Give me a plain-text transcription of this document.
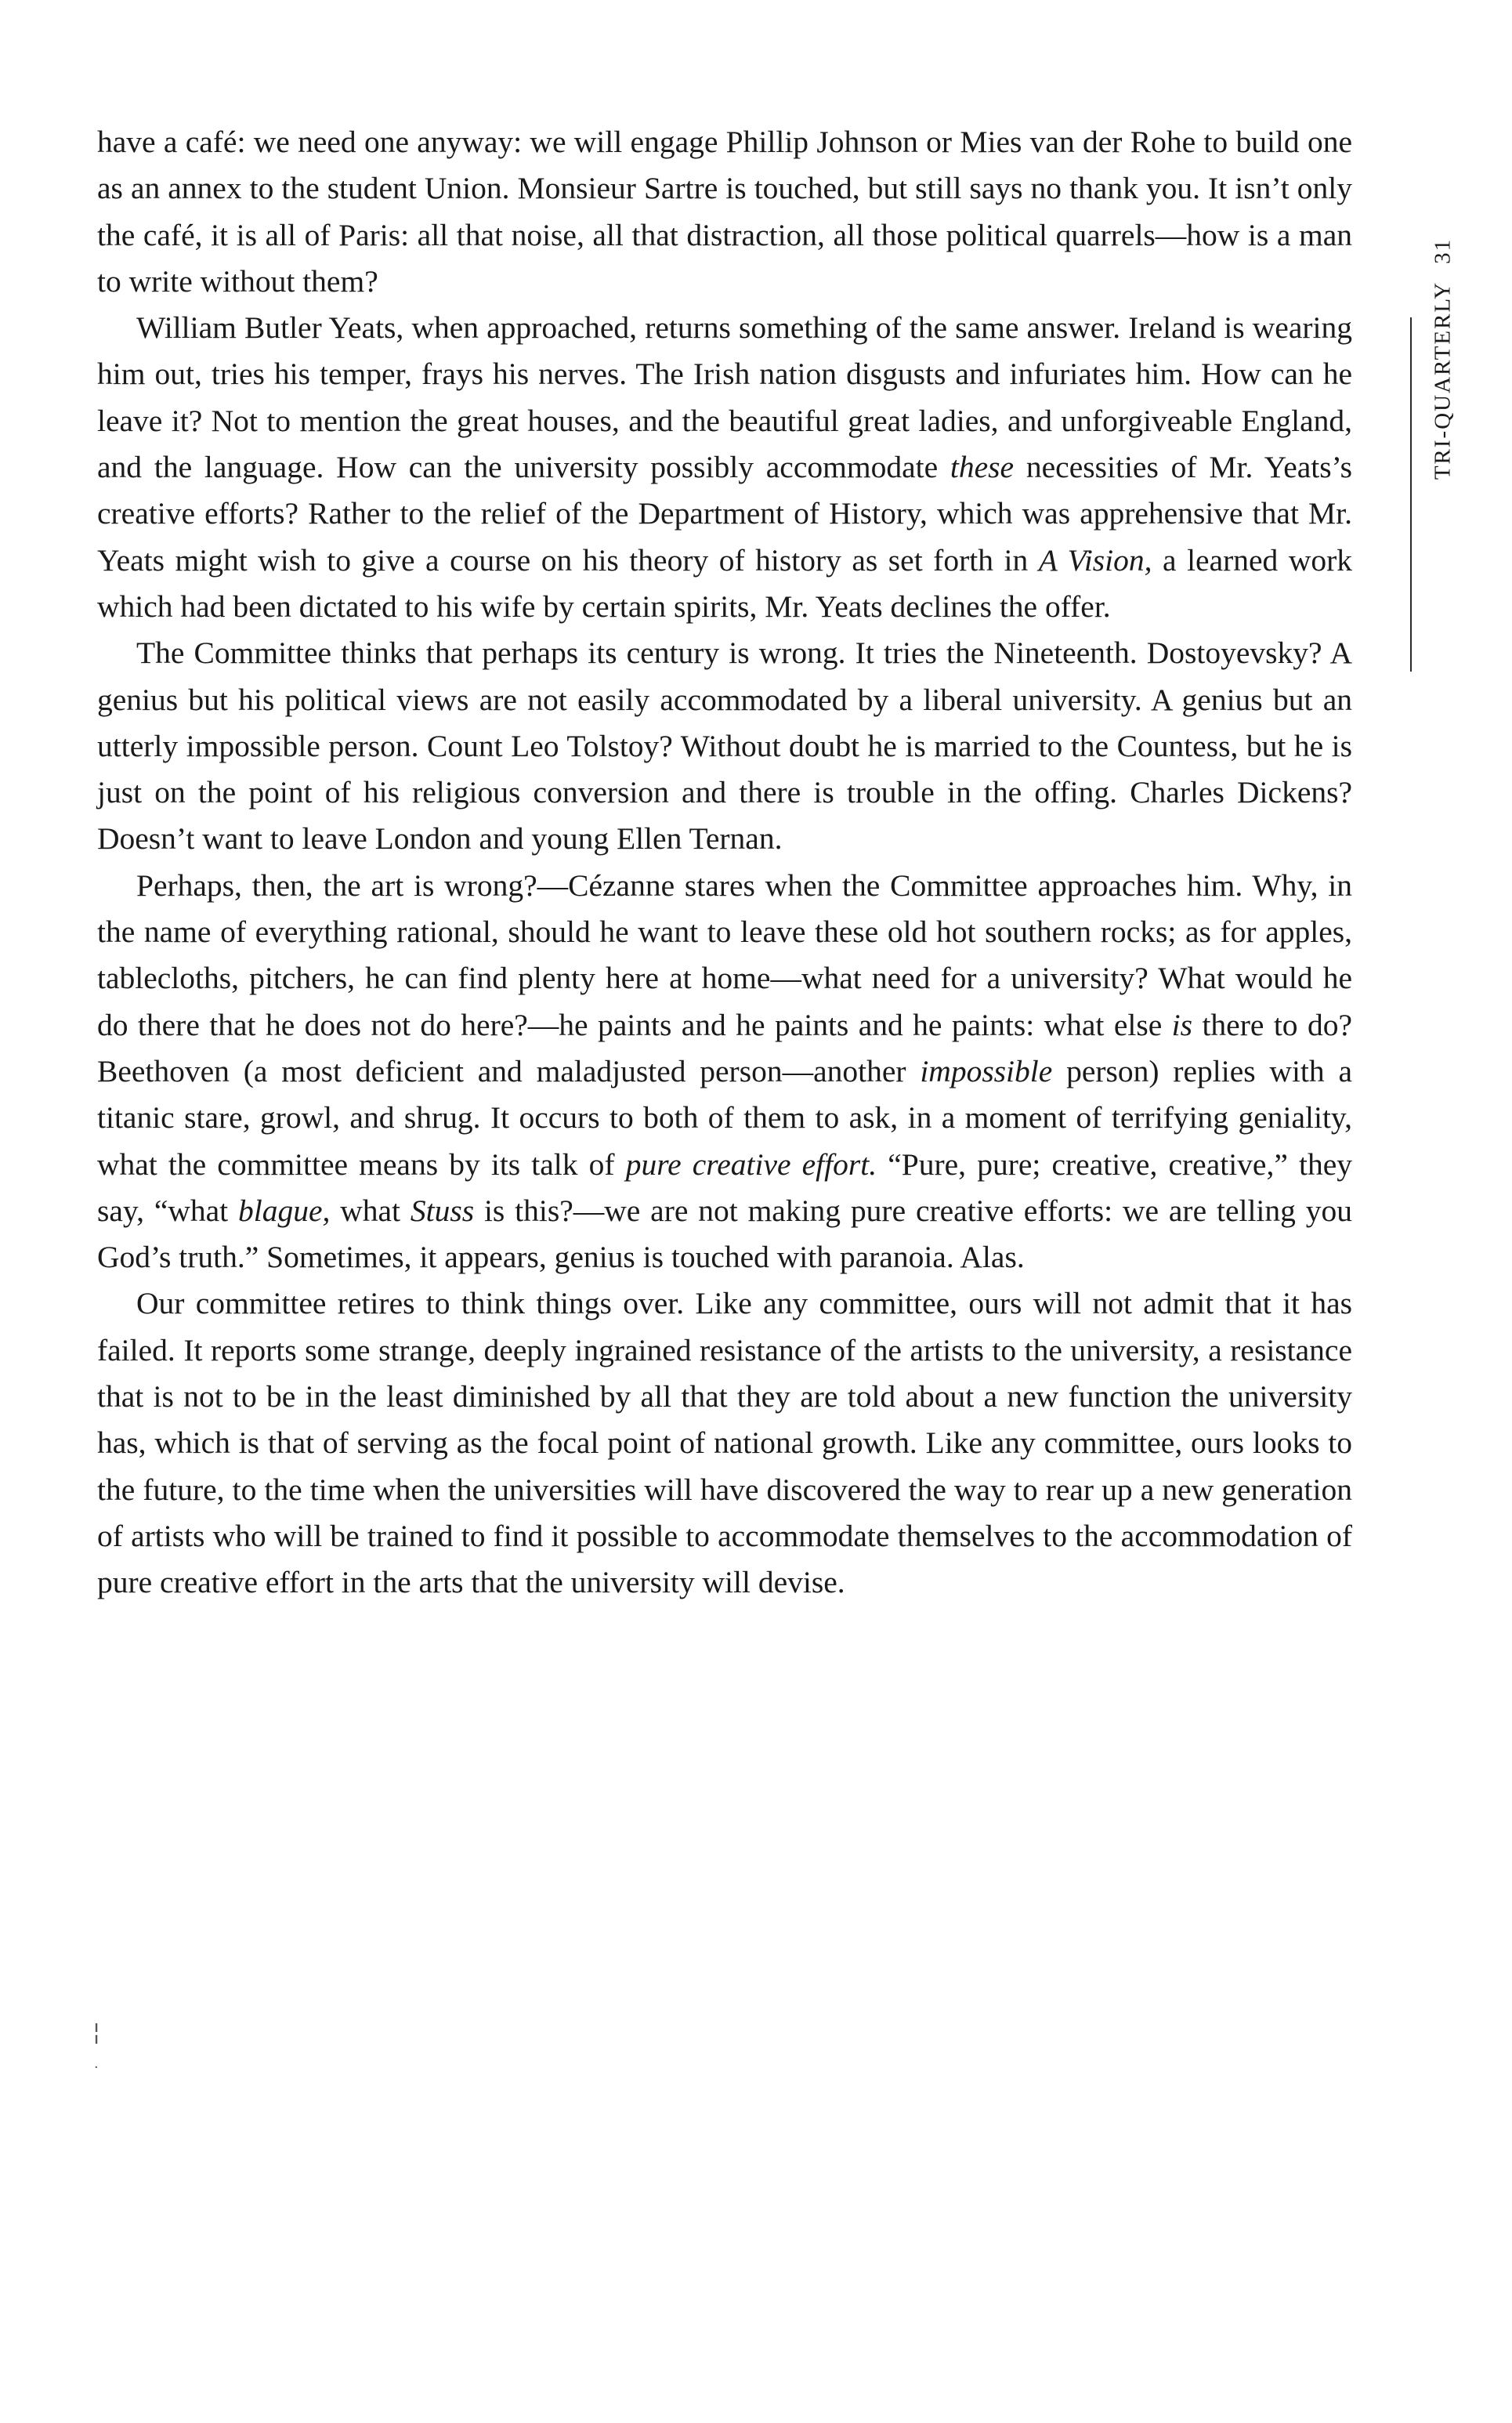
have a café: we need one anyway: we will engage Phillip Johnson or Mies van der Rohe to build one as an annex to the student Union. Monsieur Sartre is touched, but still says no thank you. It isn’t only the café, it is all of Paris: all that noise, all that distraction, all those political quarrels—how is a man to write without them?

William Butler Yeats, when approached, returns something of the same answer. Ireland is wearing him out, tries his temper, frays his nerves. The Irish nation disgusts and infuriates him. How can he leave it? Not to mention the great houses, and the beautiful great ladies, and unforgiveable England, and the language. How can the university possibly accommodate these necessities of Mr. Yeats’s creative efforts? Rather to the relief of the Department of History, which was apprehensive that Mr. Yeats might wish to give a course on his theory of history as set forth in A Vision, a learned work which had been dictated to his wife by certain spirits, Mr. Yeats declines the offer.

The Committee thinks that perhaps its century is wrong. It tries the Nineteenth. Dostoyevsky? A genius but his political views are not easily accommodated by a liberal university. A genius but an utterly impossible person. Count Leo Tolstoy? Without doubt he is married to the Countess, but he is just on the point of his religious conversion and there is trouble in the offing. Charles Dickens? Doesn’t want to leave London and young Ellen Ternan.

Perhaps, then, the art is wrong?—Cézanne stares when the Committee approaches him. Why, in the name of everything rational, should he want to leave these old hot southern rocks; as for apples, tablecloths, pitchers, he can find plenty here at home—what need for a university? What would he do there that he does not do here?—he paints and he paints and he paints: what else is there to do? Beethoven (a most deficient and maladjusted person—another impossible person) replies with a titanic stare, growl, and shrug. It occurs to both of them to ask, in a moment of terrifying geniality, what the committee means by its talk of pure creative effort. “Pure, pure; creative, creative,” they say, “what blague, what Stuss is this?—we are not making pure creative efforts: we are telling you God’s truth.” Sometimes, it appears, genius is touched with paranoia. Alas.

Our committee retires to think things over. Like any committee, ours will not admit that it has failed. It reports some strange, deeply ingrained resistance of the artists to the university, a resistance that is not to be in the least diminished by all that they are told about a new function the university has, which is that of serving as the focal point of national growth. Like any committee, ours looks to the future, to the time when the universities will have discovered the way to rear up a new generation of artists who will be trained to find it possible to accommodate themselves to the accommodation of pure creative effort in the arts that the university will devise.

TRI-QUARTERLY31
¦
·
